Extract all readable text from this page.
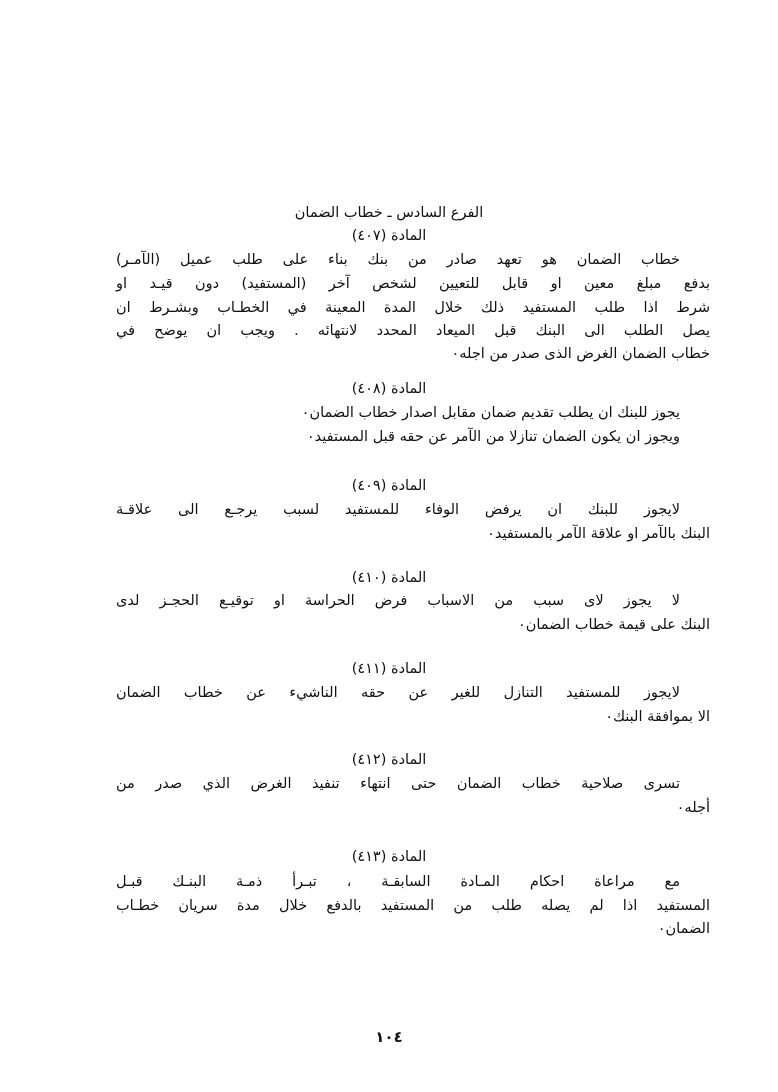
الفرع السادس ـ خطاب الضمان
المادة (٤٠٧)
خطاب الضمان هو تعهد صادر من بنك بناء على طلب عميل (الآمـر)
بدفع مبلغ معين او قابل للتعيين لشخص آخر (المستفيد) دون قيـد او
شرط اذا طلب المستفيد ذلك خلال المدة المعينة في الخطـاب وبشـرط ان
يصل الطلب الى البنك قبل الميعاد المحدد لانتهائه . ويجب ان يوضح في
خطاب الضمان الغرض الذى صدر من اجله٠
المادة (٤٠٨)
يجوز للبنك ان يطلب تقديم ضمان مقابل اصدار خطاب الضمان٠
ويجوز ان يكون الضمان تنازلا من الآمر عن حقه قبل المستفيد٠
المادة (٤٠٩)
لايجوز للبنك ان يرفض الوفاء للمستفيد لسبب يرجـع الى علاقـة
البنك بالآمر او علاقة الآمر بالمستفيد٠
المادة (٤١٠)
لا يجوز لاى سبب من الاسباب فرض الحراسة او توقيـع الحجـز لدى
البنك على قيمة خطاب الضمان٠
المادة (٤١١)
لايجوز للمستفيد التنازل للغير عن حقه الناشيء عن خطاب الضمان
الا بموافقة البنك٠
المادة (٤١٢)
تسرى صلاحية خطاب الضمان حتى انتهاء تنفيذ الغرض الذي صدر من
أجله٠
المادة (٤١٣)
مع مراعاة احكام المـادة السابقـة ، تبـرأ ذمـة البنـك قبـل
المستفيد اذا لم يصله طلب من المستفيد بالدفع خلال مدة سريان خطـاب
الضمان٠
١٠٤
